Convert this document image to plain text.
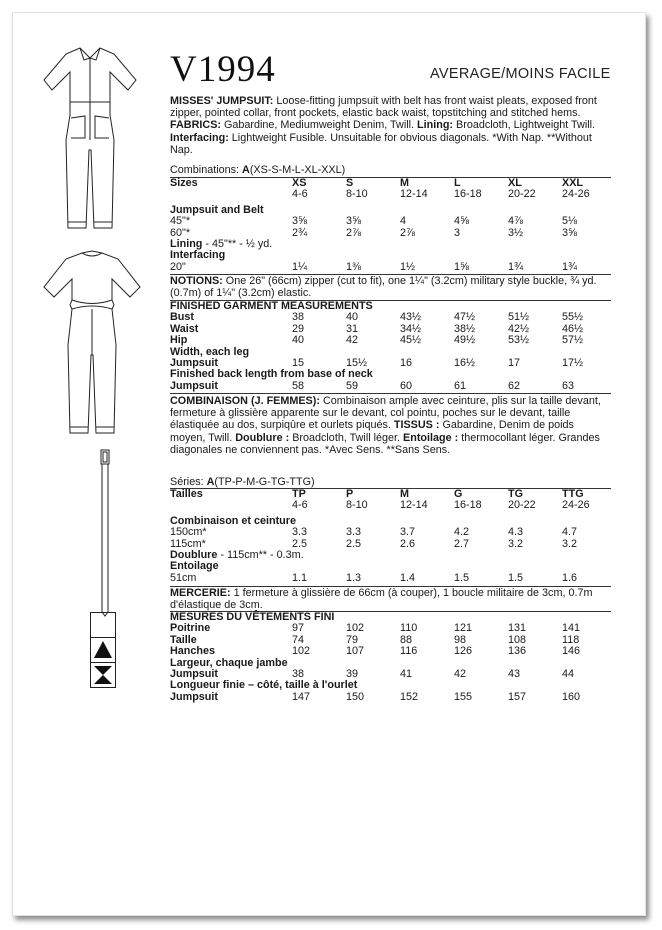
V1994	AVERAGE/MOINS FACILE
MISSES' JUMPSUIT: Loose-fitting jumpsuit with belt has front waist pleats, exposed front zipper, pointed collar, front pockets, elastic back waist, topstitching and stitched hems. FABRICS: Gabardine, Mediumweight Denim, Twill. Lining: Broadcloth, Lightweight Twill. Interfacing: Lightweight Fusible. Unsuitable for obvious diagonals. *With Nap. **Without Nap.
Combinations: A(XS-S-M-L-XL-XXL)
Sizes	XS	S	M	L	XL	XXL
	4-6	8-10	12-14	16-18	20-22	24-26

Jumpsuit and Belt						
45"*	3⅝	3⅝	4	4⅝	4⅞	5⅛
60"*	2¾	2⅞	2⅞	3	3½	3⅝
Lining - 45"** - ½ yd.						
Interfacing						
20"	1¼	1⅜	1½	1⅝	1¾	1¾
NOTIONS: One 26" (66cm) zipper (cut to fit), one 1¼" (3.2cm) military style buckle, ¾ yd. (0.7m) of 1¼" (3.2cm) elastic.
FINISHED GARMENT MEASUREMENTS						
Bust	38	40	43½	47½	51½	55½
Waist	29	31	34½	38½	42½	46½
Hip	40	42	45½	49½	53½	57½
Width, each leg						
Jumpsuit	15	15½	16	16½	17	17½
Finished back length from base of neck						
Jumpsuit	58	59	60	61	62	63
COMBINAISON (J. FEMMES): Combinaison ample avec ceinture, plis sur la taille devant, fermeture à glissière apparente sur le devant, col pointu, poches sur le devant, taille élastiquée au dos, surpiqûre et ourlets piqués. TISSUS : Gabardine, Denim de poids moyen, Twill. Doublure : Broadcloth, Twill léger. Entoilage : thermocollant léger. Grandes diagonales ne conviennent pas. *Avec Sens. **Sans Sens.
Séries: A(TP-P-M-G-TG-TTG)
Tailles	TP	P	M	G	TG	TTG
	4-6	8-10	12-14	16-18	20-22	24-26

Combinaison et ceinture						
150cm*	3.3	3.3	3.7	4.2	4.3	4.7
115cm*	2.5	2.5	2.6	2.7	3.2	3.2
Doublure - 115cm** - 0.3m.						
Entoilage						
51cm	1.1	1.3	1.4	1.5	1.5	1.6
MERCERIE: 1 fermeture à glissière de 66cm (à couper), 1 boucle militaire de 3cm, 0.7m d'élastique de 3cm.
MESURES DU VÊTEMENTS FINI						
Poitrine	97	102	110	121	131	141
Taille	74	79	88	98	108	118
Hanches	102	107	116	126	136	146
Largeur, chaque jambe						
Jumpsuit	38	39	41	42	43	44
Longueur finie – côté, taille à l'ourlet						
Jumpsuit	147	150	152	155	157	160
